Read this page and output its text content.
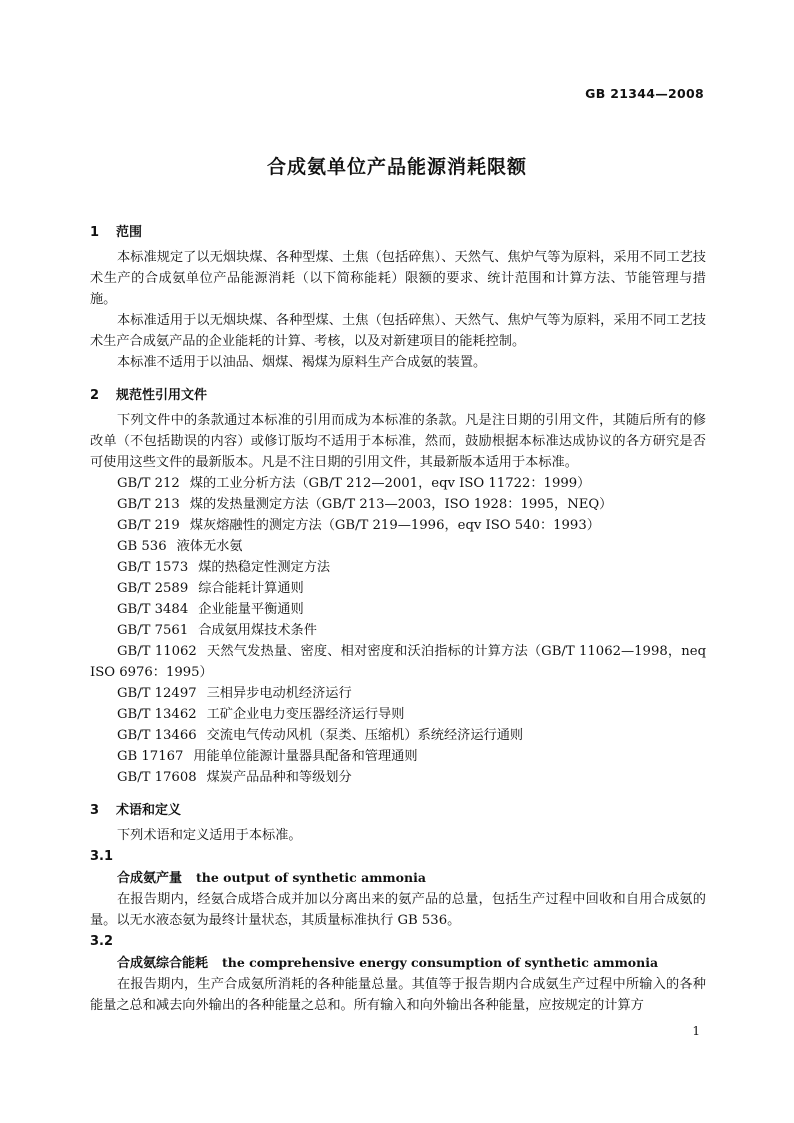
GB 21344—2008
合成氨单位产品能源消耗限额
1 范围

本标准规定了以无烟块煤、各种型煤、土焦（包括碎焦）、天然气、焦炉气等为原料，采用不同工艺技术生产的合成氨单位产品能源消耗（以下简称能耗）限额的要求、统计范围和计算方法、节能管理与措施。

本标准适用于以无烟块煤、各种型煤、土焦（包括碎焦）、天然气、焦炉气等为原料，采用不同工艺技术生产合成氨产品的企业能耗的计算、考核，以及对新建项目的能耗控制。

本标准不适用于以油品、烟煤、褐煤为原料生产合成氨的装置。

2 规范性引用文件

下列文件中的条款通过本标准的引用而成为本标准的条款。凡是注日期的引用文件，其随后所有的修改单（不包括勘误的内容）或修订版均不适用于本标准，然而，鼓励根据本标准达成协议的各方研究是否可使用这些文件的最新版本。凡是不注日期的引用文件，其最新版本适用于本标准。

GB/T 212 煤的工业分析方法（GB/T 212—2001，eqv ISO 11722：1999）

GB/T 213 煤的发热量测定方法（GB/T 213—2003，ISO 1928：1995，NEQ）

GB/T 219 煤灰熔融性的测定方法（GB/T 219—1996，eqv ISO 540：1993）

GB 536 液体无水氨

GB/T 1573 煤的热稳定性测定方法

GB/T 2589 综合能耗计算通则

GB/T 3484 企业能量平衡通则

GB/T 7561 合成氨用煤技术条件

GB/T 11062 天然气发热量、密度、相对密度和沃泊指标的计算方法（GB/T 11062—1998，neq ISO 6976：1995）

GB/T 12497 三相异步电动机经济运行

GB/T 13462 工矿企业电力变压器经济运行导则

GB/T 13466 交流电气传动风机（泵类、压缩机）系统经济运行通则

GB 17167 用能单位能源计量器具配备和管理通则

GB/T 17608 煤炭产品品种和等级划分

3 术语和定义

下列术语和定义适用于本标准。

3.1

合成氨产量 the output of synthetic ammonia

在报告期内，经氨合成塔合成并加以分离出来的氨产品的总量，包括生产过程中回收和自用合成氨的量。以无水液态氨为最终计量状态，其质量标准执行 GB 536。

3.2

合成氨综合能耗 the comprehensive energy consumption of synthetic ammonia

在报告期内，生产合成氨所消耗的各种能量总量。其值等于报告期内合成氨生产过程中所输入的各种能量之总和减去向外输出的各种能量之总和。所有输入和向外输出各种能量，应按规定的计算方

1
